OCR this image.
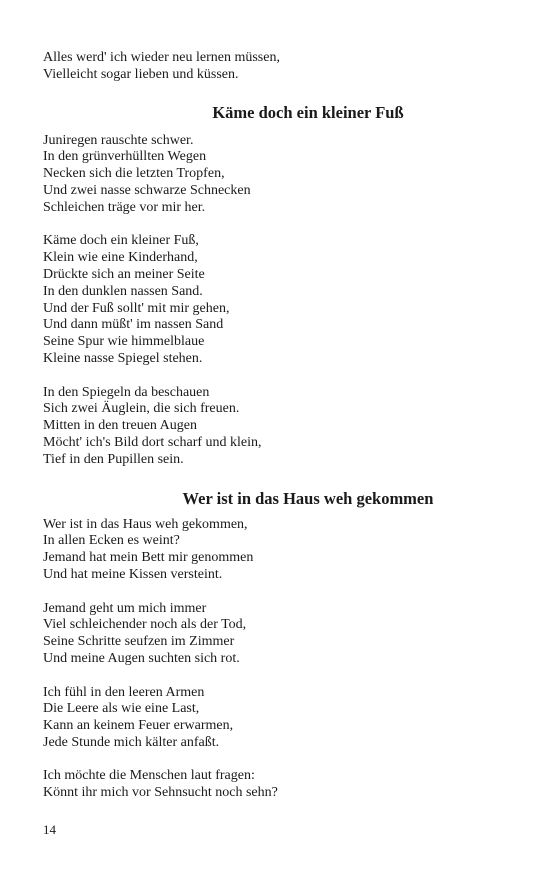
Alles werd' ich wieder neu lernen müssen,
Vielleicht sogar lieben und küssen.
Käme doch ein kleiner Fuß
Juniregen rauschte schwer.
In den grünverhüllten Wegen
Necken sich die letzten Tropfen,
Und zwei nasse schwarze Schnecken
Schleichen träge vor mir her.
Käme doch ein kleiner Fuß,
Klein wie eine Kinderhand,
Drückte sich an meiner Seite
In den dunklen nassen Sand.
Und der Fuß sollt' mit mir gehen,
Und dann müßt' im nassen Sand
Seine Spur wie himmelblaue
Kleine nasse Spiegel stehen.
In den Spiegeln da beschauen
Sich zwei Äuglein, die sich freuen.
Mitten in den treuen Augen
Möcht' ich's Bild dort scharf und klein,
Tief in den Pupillen sein.
Wer ist in das Haus weh gekommen
Wer ist in das Haus weh gekommen,
In allen Ecken es weint?
Jemand hat mein Bett mir genommen
Und hat meine Kissen versteint.
Jemand geht um mich immer
Viel schleichender noch als der Tod,
Seine Schritte seufzen im Zimmer
Und meine Augen suchten sich rot.
Ich fühl in den leeren Armen
Die Leere als wie eine Last,
Kann an keinem Feuer erwarmen,
Jede Stunde mich kälter anfaßt.
Ich möchte die Menschen laut fragen:
Könnt ihr mich vor Sehnsucht noch sehn?
14
